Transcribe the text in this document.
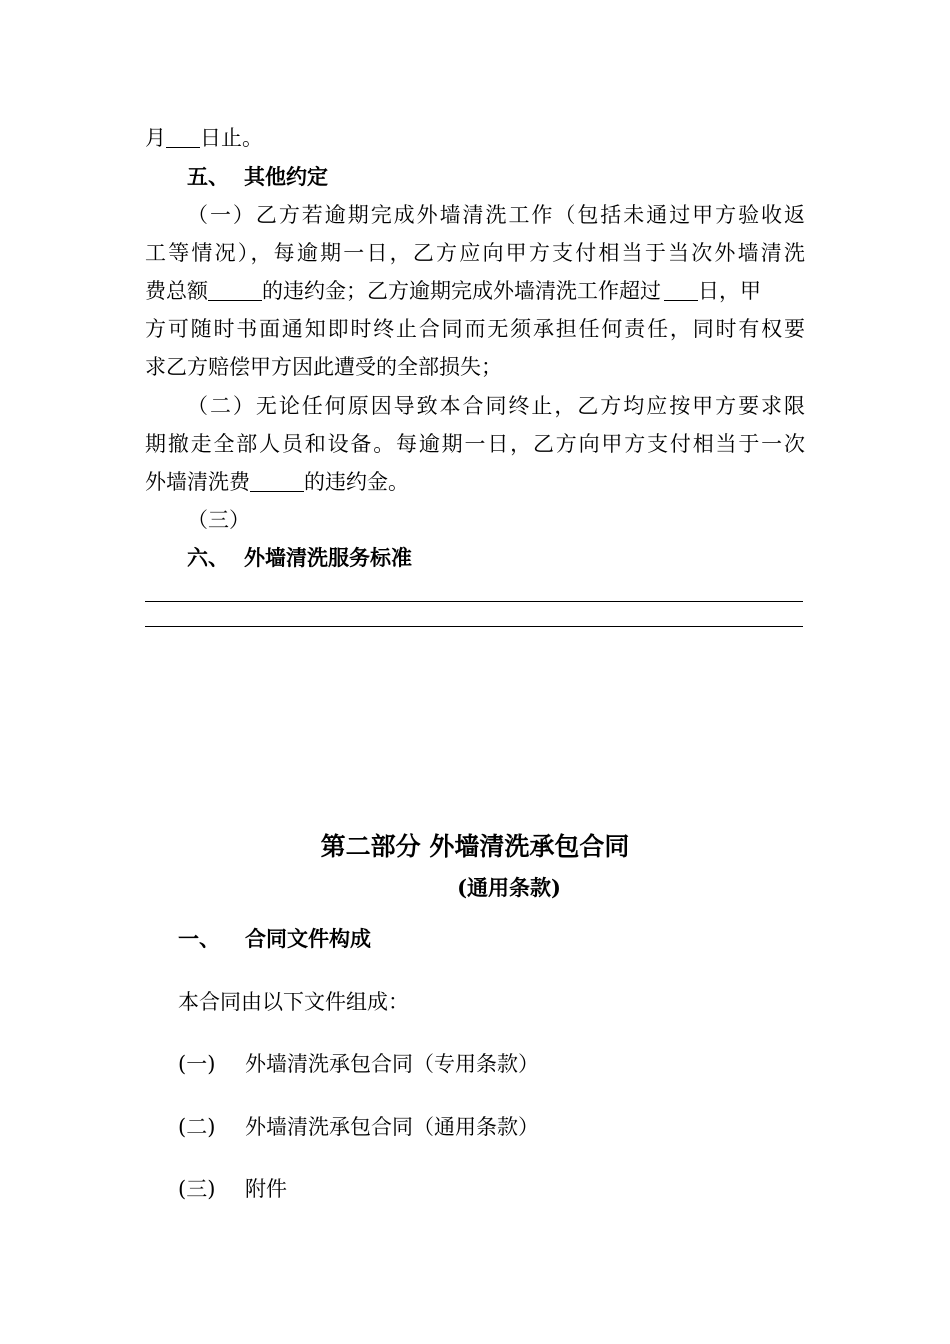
月 日止。
五、 其他约定
（一）乙方若逾期完成外墙清洗工作（包括未通过甲方验收返
工等情况），每逾期一日，乙方应向甲方支付相当于当次外墙清洗
费总额	的违约金；乙方逾期完成外墙清洗工作超过 日，甲
方可随时书面通知即时终止合同而无须承担任何责任，同时有权要
求乙方赔偿甲方因此遭受的全部损失；
（二）无论任何原因导致本合同终止，乙方均应按甲方要求限
期撤走全部人员和设备。每逾期一日，乙方向甲方支付相当于一次
外墙清洗费	的违约金。
（三）
六、 外墙清洗服务标准
第二部分 外墙清洗承包合同
(通用条款)
一、 合同文件构成
本合同由以下文件组成：
(一) 外墙清洗承包合同（专用条款）
(二) 外墙清洗承包合同（通用条款）
(三) 附件
